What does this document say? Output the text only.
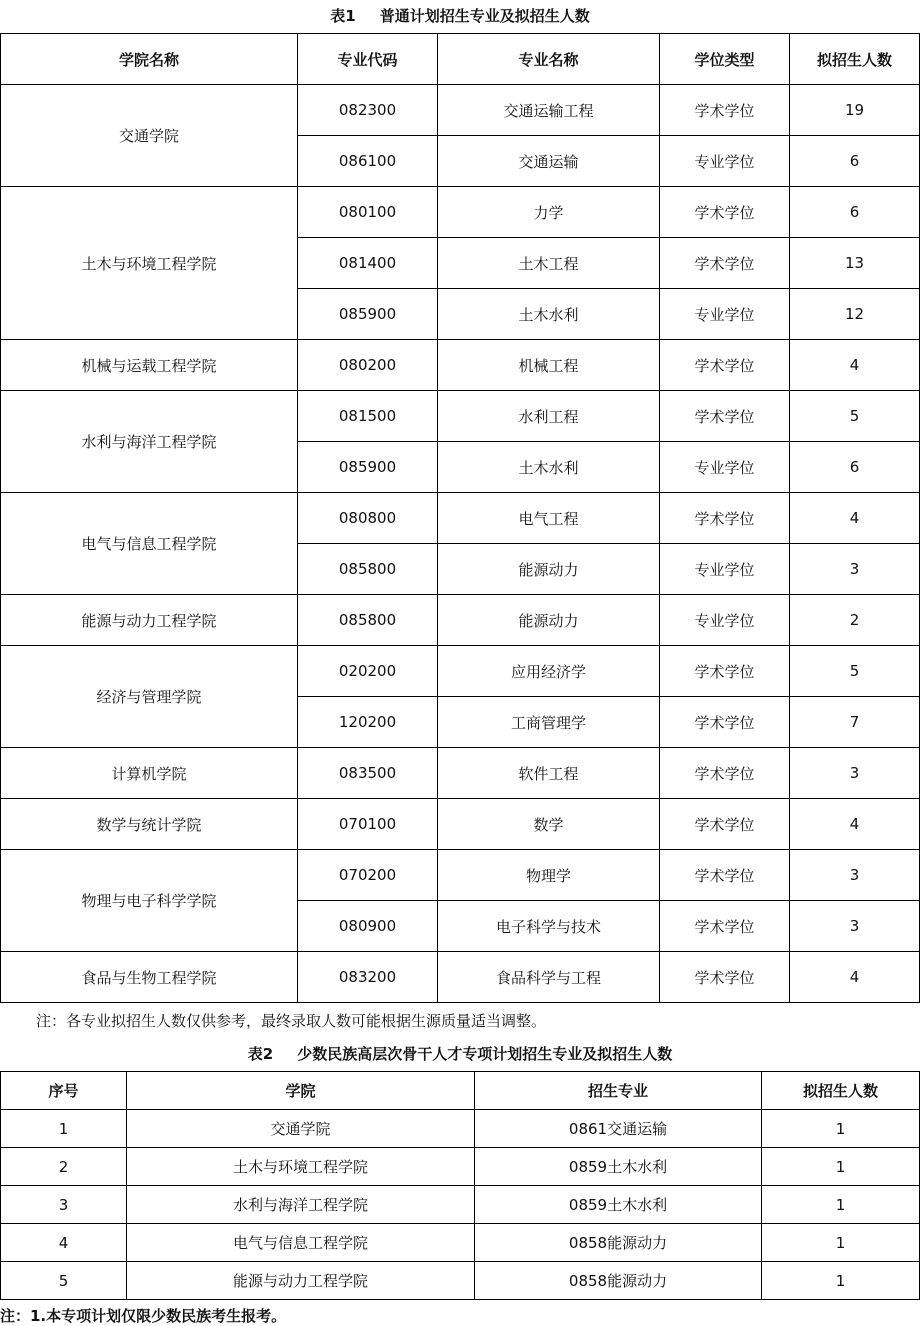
表1 普通计划招生专业及拟招生人数
学院名称	专业代码	专业名称	学位类型	拟招生人数
交通学院	082300	交通运输工程	学术学位	19
	086100	交通运输	专业学位	6
土木与环境工程学院	080100	力学	学术学位	6
	081400	土木工程	学术学位	13
	085900	土木水利	专业学位	12
机械与运载工程学院	080200	机械工程	学术学位	4
水利与海洋工程学院	081500	水利工程	学术学位	5
	085900	土木水利	专业学位	6
电气与信息工程学院	080800	电气工程	学术学位	4
	085800	能源动力	专业学位	3
能源与动力工程学院	085800	能源动力	专业学位	2
经济与管理学院	020200	应用经济学	学术学位	5
	120200	工商管理学	学术学位	7
计算机学院	083500	软件工程	学术学位	3
数学与统计学院	070100	数学	学术学位	4
物理与电子科学学院	070200	物理学	学术学位	3
	080900	电子科学与技术	学术学位	3
食品与生物工程学院	083200	食品科学与工程	学术学位	4
注：各专业拟招生人数仅供参考，最终录取人数可能根据生源质量适当调整。
表2 少数民族高层次骨干人才专项计划招生专业及拟招生人数
序号	学院	招生专业	拟招生人数
1	交通学院	0861交通运输	1
2	土木与环境工程学院	0859土木水利	1
3	水利与海洋工程学院	0859土木水利	1
4	电气与信息工程学院	0858能源动力	1
5	能源与动力工程学院	0858能源动力	1
注：1.本专项计划仅限少数民族考生报考。
